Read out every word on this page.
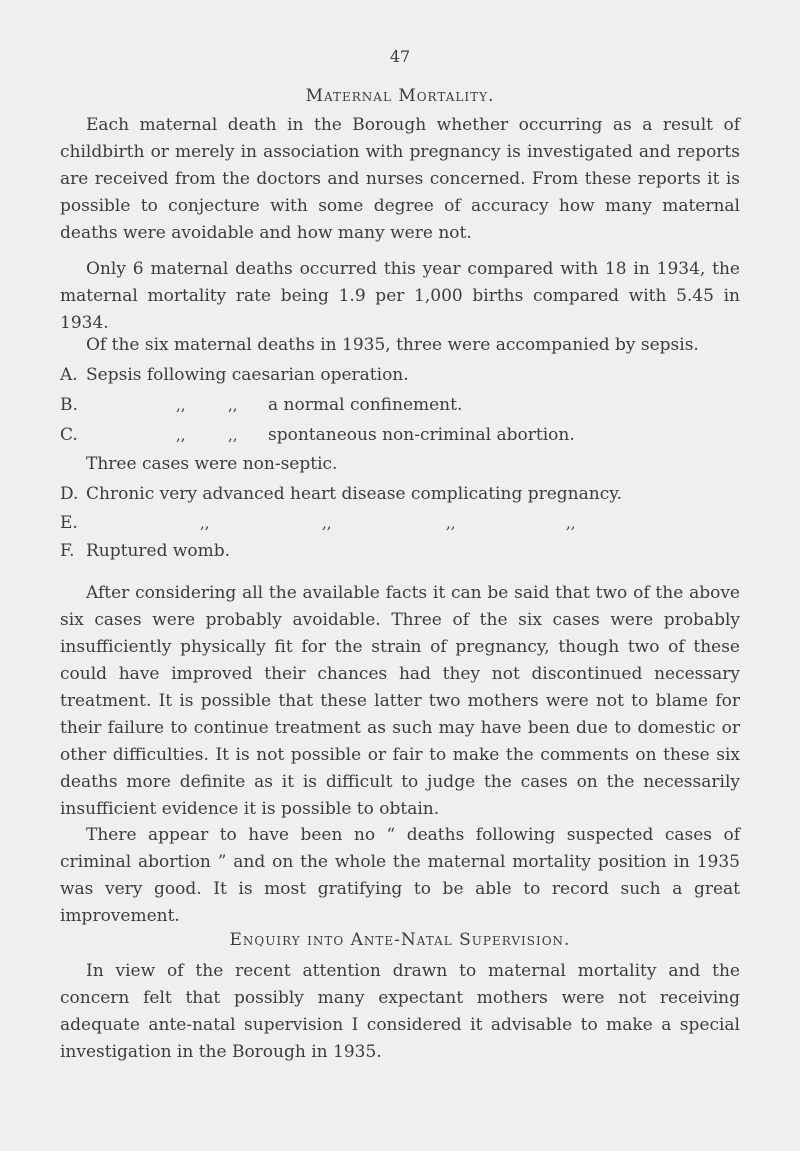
47
Maternal Mortality.
Each maternal death in the Borough whether occurring as a result of childbirth or merely in association with pregnancy is investigated and reports are received from the doctors and nurses concerned. From these reports it is possible to conjecture with some degree of accuracy how many maternal deaths were avoidable and how many were not.
Only 6 maternal deaths occurred this year compared with 18 in 1934, the maternal mortality rate being 1.9 per 1,000 births compared with 5.45 in 1934.
Of the six maternal deaths in 1935, three were accompanied by sepsis.
A. Sepsis following caesarian operation.
B.	,,	,, a normal confinement.
C.	,,	,, spontaneous non-criminal abortion.
Three cases were non-septic.
D. Chronic very advanced heart disease complicating pregnancy.
E.	,,	,,	,,	,,
F. Ruptured womb.
After considering all the available facts it can be said that two of the above six cases were probably avoidable. Three of the six cases were probably insufficiently physically fit for the strain of pregnancy, though two of these could have improved their chances had they not discontinued necessary treatment. It is possible that these latter two mothers were not to blame for their failure to continue treatment as such may have been due to domestic or other difficulties. It is not possible or fair to make the comments on these six deaths more definite as it is difficult to judge the cases on the necessarily insufficient evidence it is possible to obtain.
There appear to have been no “ deaths following suspected cases of criminal abortion ” and on the whole the maternal mortality position in 1935 was very good. It is most gratifying to be able to record such a great improvement.
Enquiry into Ante-Natal Supervision.
In view of the recent attention drawn to maternal mortality and the concern felt that possibly many expectant mothers were not receiving adequate ante-natal supervision I considered it advisable to make a special investigation in the Borough in 1935.
